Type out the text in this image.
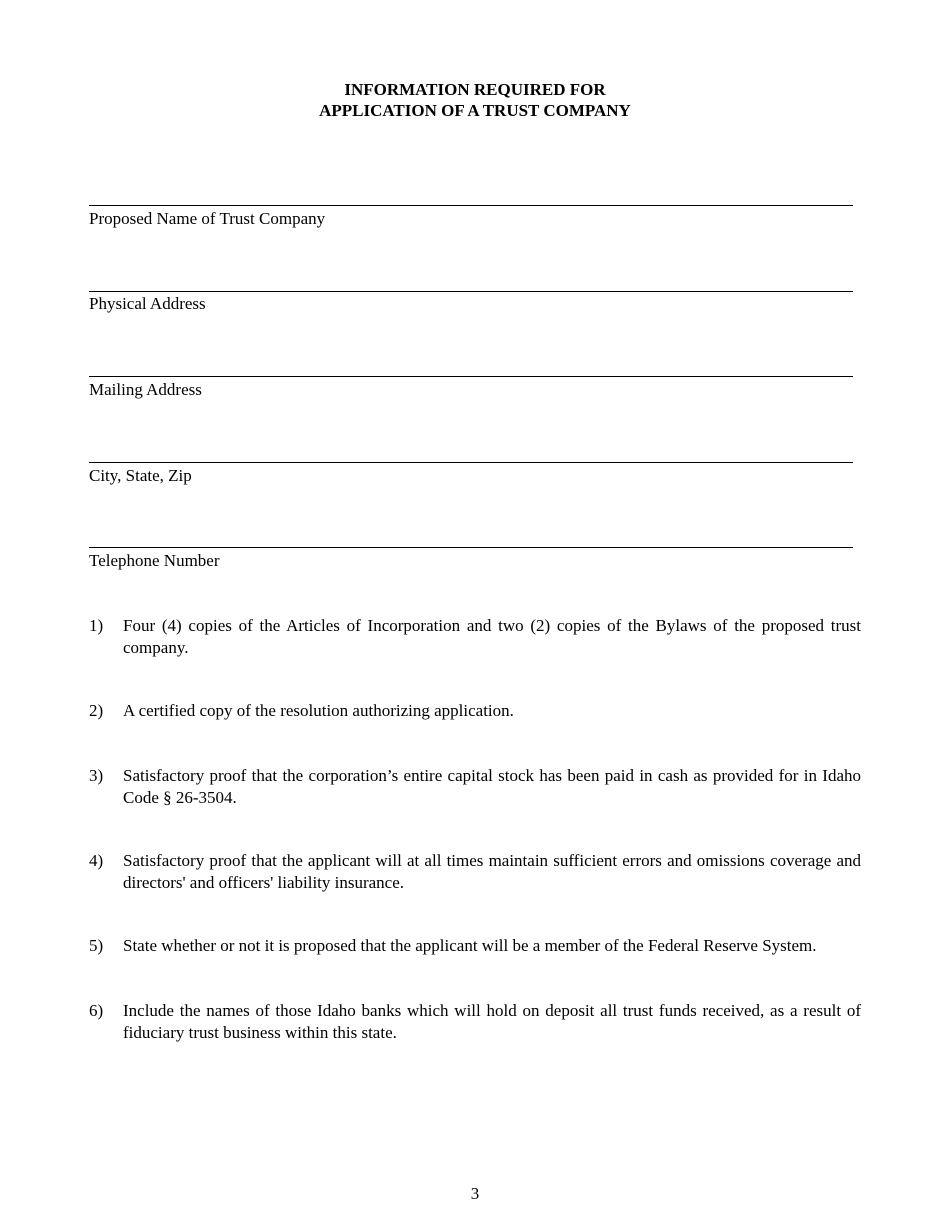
INFORMATION REQUIRED FOR
APPLICATION OF A TRUST COMPANY
Proposed Name of Trust Company
Physical Address
Mailing Address
City, State, Zip
Telephone Number
1)	Four (4) copies of the Articles of Incorporation and two (2) copies of the Bylaws of the proposed trust company.
2)	A certified copy of the resolution authorizing application.
3)	Satisfactory proof that the corporation’s entire capital stock has been paid in cash as provided for in Idaho Code § 26-3504.
4)	Satisfactory proof that the applicant will at all times maintain sufficient errors and omissions coverage and directors' and officers' liability insurance.
5)	State whether or not it is proposed that the applicant will be a member of the Federal Reserve System.
6)	Include the names of those Idaho banks which will hold on deposit all trust funds received, as a result of fiduciary trust business within this state.
3
